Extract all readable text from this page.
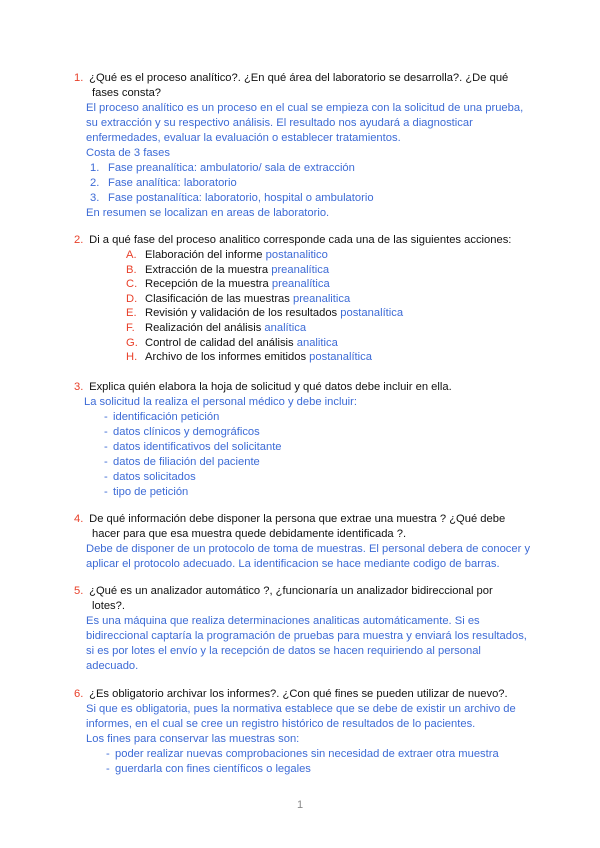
1. ¿Qué es el proceso analítico?. ¿En qué área del laboratorio se desarrolla?. ¿De qué
fases consta?

El proceso analítico es un proceso en el cual se empieza con la solicitud de una prueba, su extracción y su respectivo análisis. El resultado nos ayudará a diagnosticar enfermedades, evaluar la evaluación o establecer tratamientos.

Costa de 3 fases

1. Fase preanalítica: ambulatorio/ sala de extracción
2. Fase analítica: laboratorio
3. Fase postanalítica: laboratorio, hospital o ambulatorio

En resumen se localizan en areas de laboratorio.

2. Di a qué fase del proceso analitico corresponde cada una de las siguientes acciones:
A. Elaboración del informe postanalitico
B. Extracción de la muestra preanalítica
C. Recepción de la muestra preanalítica
D. Clasificación de las muestras preanalitica
E. Revisión y validación de los resultados postanalítica
F. Realización del análisis analítica
G. Control de calidad del análisis analitica
H. Archivo de los informes emitidos postanalítica
3. Explica quién elabora la hoja de solicitud y qué datos debe incluir en ella.

La solicitud la realiza el personal médico y debe incluir:

- identificación petición
- datos clínicos y demográficos
- datos identificativos del solicitante
- datos de filiación del paciente
- datos solicitados
- tipo de petición
4. De qué información debe disponer la persona que extrae una muestra ? ¿Qué debe
hacer para que esa muestra quede debidamente identificada ?.

Debe de disponer de un protocolo de toma de muestras. El personal debera de conocer y aplicar el protocolo adecuado. La identificacion se hace mediante codigo de barras.

5. ¿Qué es un analizador automático ?, ¿funcionaría un analizador bidireccional por
lotes?.

Es una máquina que realiza determinaciones analiticas automáticamente. Si es bidireccional captaría la programación de pruebas para muestra y enviará los resultados, si es por lotes el envío y la recepción de datos se hacen requiriendo al personal adecuado.

6. ¿Es obligatorio archivar los informes?. ¿Con qué fines se pueden utilizar de nuevo?.

Si que es obligatoria, pues la normativa establece que se debe de existir un archivo de informes, en el cual se cree un registro histórico de resultados de lo pacientes.

Los fines para conservar las muestras son:

- poder realizar nuevas comprobaciones sin necesidad de extraer otra muestra
- guerdarla con fines científicos o legales
1
